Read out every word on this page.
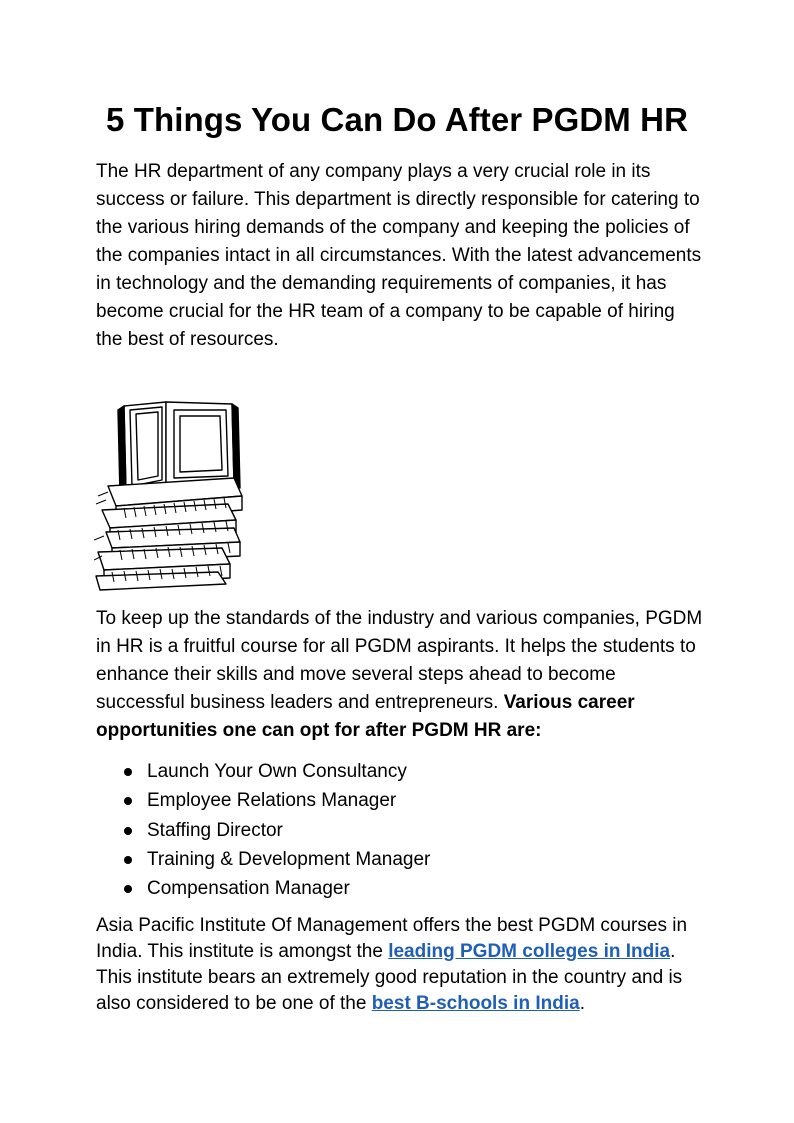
5 Things You Can Do After PGDM HR

The HR department of any company plays a very crucial role in its success or failure. This department is directly responsible for catering to the various hiring demands of the company and keeping the policies of the companies intact in all circumstances. With the latest advancements in technology and the demanding requirements of companies, it has become crucial for the HR team of a company to be capable of hiring the best of resources.

To keep up the standards of the industry and various companies, PGDM in HR is a fruitful course for all PGDM aspirants. It helps the students to enhance their skills and move several steps ahead to become successful business leaders and entrepreneurs. Various career opportunities one can opt for after PGDM HR are:

Launch Your Own Consultancy
Employee Relations Manager
Staffing Director
Training & Development Manager
Compensation Manager

Asia Pacific Institute Of Management offers the best PGDM courses in India. This institute is amongst the leading PGDM colleges in India. This institute bears an extremely good reputation in the country and is also considered to be one of the best B-schools in India.
